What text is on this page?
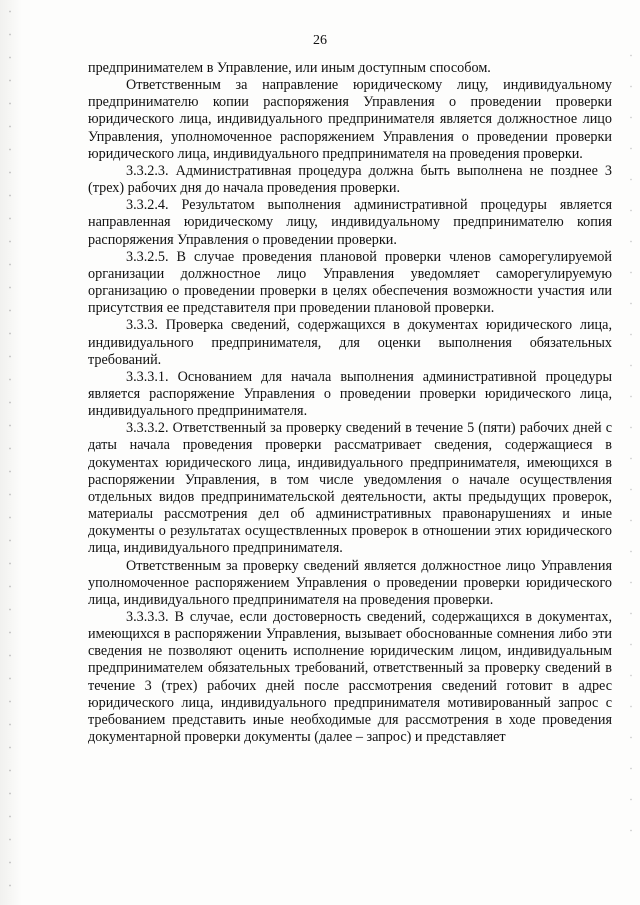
26

предпринимателем в Управление, или иным доступным способом.

Ответственным за направление юридическому лицу, индивидуальному предпринимателю копии распоряжения Управления о проведении проверки юридического лица, индивидуального предпринимателя является должностное лицо Управления, уполномоченное распоряжением Управления о проведении проверки юридического лица, индивидуального предпринимателя на проведения проверки.

3.3.2.3. Административная процедура должна быть выполнена не позднее 3 (трех) рабочих дня до начала проведения проверки.

3.3.2.4. Результатом выполнения административной процедуры является направленная юридическому лицу, индивидуальному предпринимателю копия распоряжения Управления о проведении проверки.

3.3.2.5. В случае проведения плановой проверки членов саморегулируемой организации должностное лицо Управления уведомляет саморегулируемую организацию о проведении проверки в целях обеспечения возможности участия или присутствия ее представителя при проведении плановой проверки.

3.3.3. Проверка сведений, содержащихся в документах юридического лица, индивидуального предпринимателя, для оценки выполнения обязательных требований.

3.3.3.1. Основанием для начала выполнения административной процедуры является распоряжение Управления о проведении проверки юридического лица, индивидуального предпринимателя.

3.3.3.2. Ответственный за проверку сведений в течение 5 (пяти) рабочих дней с даты начала проведения проверки рассматривает сведения, содержащиеся в документах юридического лица, индивидуального предпринимателя, имеющихся в распоряжении Управления, в том числе уведомления о начале осуществления отдельных видов предпринимательской деятельности, акты предыдущих проверок, материалы рассмотрения дел об административных правонарушениях и иные документы о результатах осуществленных проверок в отношении этих юридического лица, индивидуального предпринимателя.

Ответственным за проверку сведений является должностное лицо Управления уполномоченное распоряжением Управления о проведении проверки юридического лица, индивидуального предпринимателя на проведения проверки.

3.3.3.3. В случае, если достоверность сведений, содержащихся в документах, имеющихся в распоряжении Управления, вызывает обоснованные сомнения либо эти сведения не позволяют оценить исполнение юридическим лицом, индивидуальным предпринимателем обязательных требований, ответственный за проверку сведений в течение 3 (трех) рабочих дней после рассмотрения сведений готовит в адрес юридического лица, индивидуального предпринимателя мотивированный запрос с требованием представить иные необходимые для рассмотрения в ходе проведения документарной проверки документы (далее – запрос) и представляет
